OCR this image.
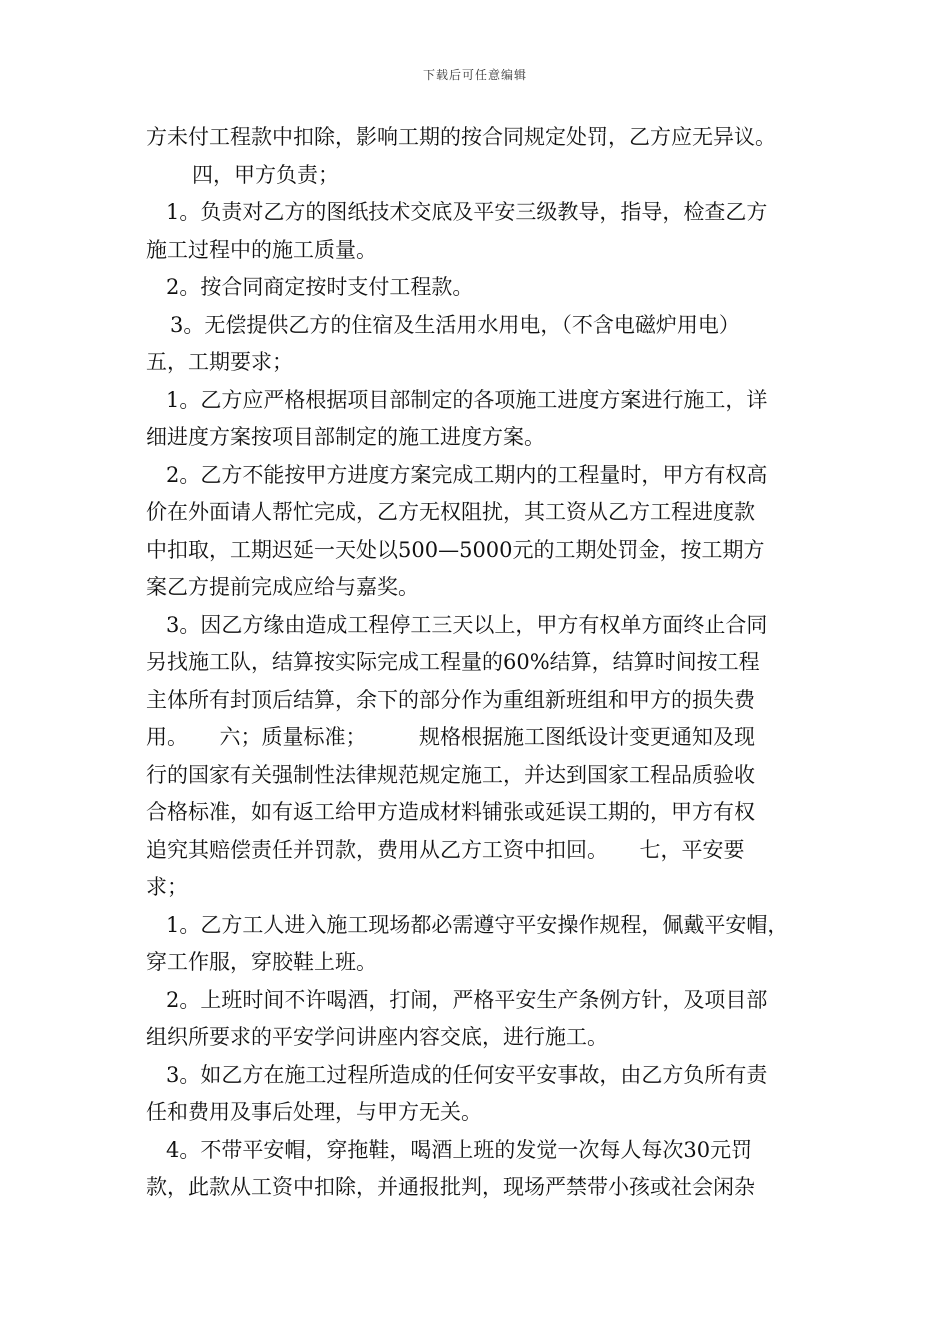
下载后可任意编辑
方未付工程款中扣除，影响工期的按合同规定处罚，乙方应无异议。
四，甲方负责；
1。负责对乙方的图纸技术交底及平安三级教导，指导，检查乙方
施工过程中的施工质量。
2。按合同商定按时支付工程款。
3。无偿提供乙方的住宿及生活用水用电，（不含电磁炉用电）
五，工期要求；
1。乙方应严格根据项目部制定的各项施工进度方案进行施工，详
细进度方案按项目部制定的施工进度方案。
2。乙方不能按甲方进度方案完成工期内的工程量时，甲方有权高
价在外面请人帮忙完成，乙方无权阻扰，其工资从乙方工程进度款
中扣取，工期迟延一天处以500—5000元的工期处罚金，按工期方
案乙方提前完成应给与嘉奖。
3。因乙方缘由造成工程停工三天以上，甲方有权单方面终止合同
另找施工队，结算按实际完成工程量的60%结算，结算时间按工程
主体所有封顶后结算，余下的部分作为重组新班组和甲方的损失费
用。　　六；质量标准；　　　规格根据施工图纸设计变更通知及现
行的国家有关强制性法律规范规定施工，并达到国家工程品质验收
合格标准，如有返工给甲方造成材料铺张或延误工期的，甲方有权
追究其赔偿责任并罚款，费用从乙方工资中扣回。　　七，平安要
求；
1。乙方工人进入施工现场都必需遵守平安操作规程，佩戴平安帽，
穿工作服，穿胶鞋上班。
2。上班时间不许喝酒，打闹，严格平安生产条例方针，及项目部
组织所要求的平安学问讲座内容交底，进行施工。
3。如乙方在施工过程所造成的任何安平安事故，由乙方负所有责
任和费用及事后处理，与甲方无关。
4。不带平安帽，穿拖鞋，喝酒上班的发觉一次每人每次30元罚
款，此款从工资中扣除，并通报批判，现场严禁带小孩或社会闲杂
